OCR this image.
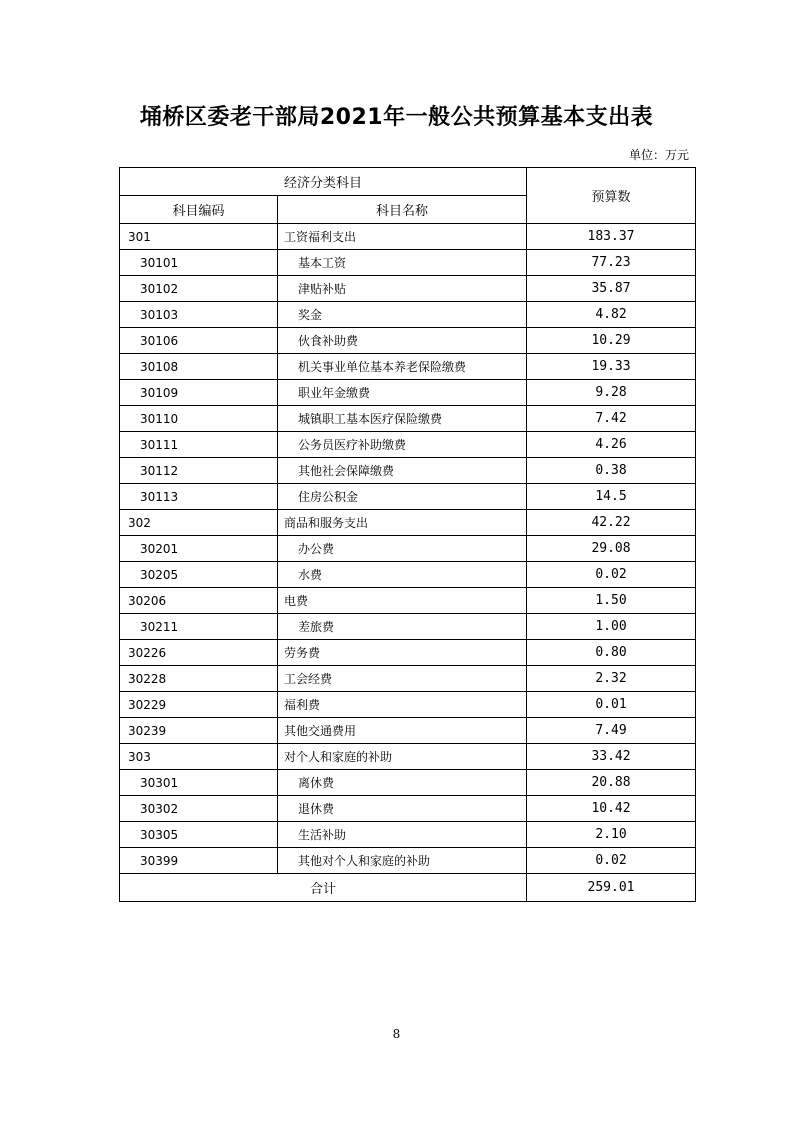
埇桥区委老干部局2021年一般公共预算基本支出表
单位：万元
经济分类科目		预算数
科目编码	科目名称	
301	工资福利支出	183.37
30101	基本工资	77.23
30102	津贴补贴	35.87
30103	奖金	4.82
30106	伙食补助费	10.29
30108	机关事业单位基本养老保险缴费	19.33
30109	职业年金缴费	9.28
30110	城镇职工基本医疗保险缴费	7.42
30111	公务员医疗补助缴费	4.26
30112	其他社会保障缴费	0.38
30113	住房公积金	14.5
302	商品和服务支出	42.22
30201	办公费	29.08
30205	水费	0.02
30206	电费	1.50
30211	差旅费	1.00
30226	劳务费	0.80
30228	工会经费	2.32
30229	福利费	0.01
30239	其他交通费用	7.49
303	对个人和家庭的补助	33.42
30301	离休费	20.88
30302	退休费	10.42
30305	生活补助	2.10
30399	其他对个人和家庭的补助	0.02
合计		259.01
8
